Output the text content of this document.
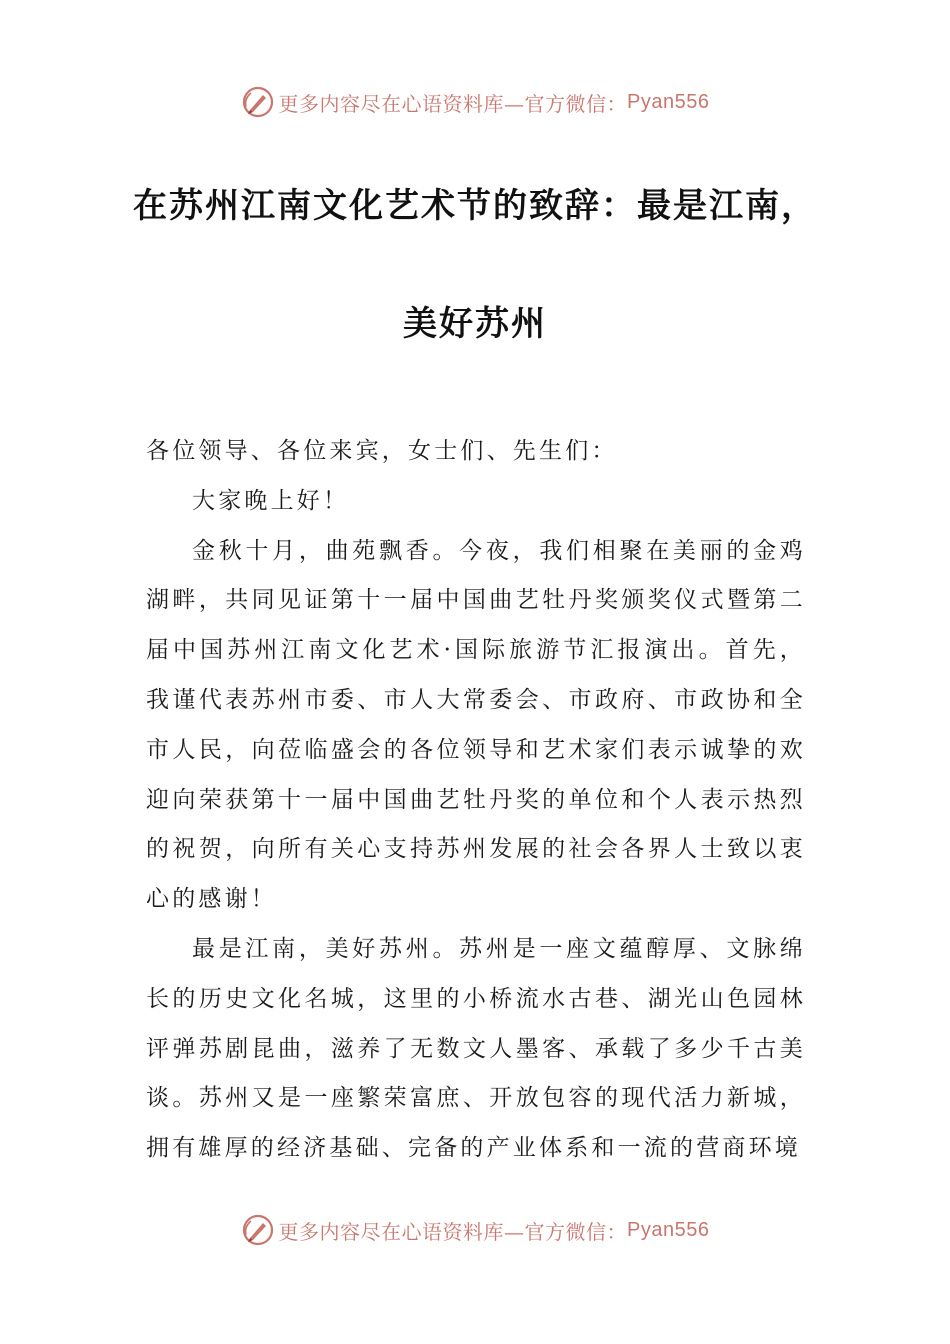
更多内容尽在心语资料库—官方微信： Pyan556
在苏州江南文化艺术节的致辞：最是江南，
美好苏州

各位领导、各位来宾，女士们、先生们：

大家晚上好！

金秋十月，曲苑飘香。今夜，我们相聚在美丽的金鸡湖畔，共同见证第十一届中国曲艺牡丹奖颁奖仪式暨第二届中国苏州江南文化艺术·国际旅游节汇报演出。首先，我谨代表苏州市委、市人大常委会、市政府、市政协和全市人民，向莅临盛会的各位领导和艺术家们表示诚挚的欢迎向荣获第十一届中国曲艺牡丹奖的单位和个人表示热烈的祝贺，向所有关心支持苏州发展的社会各界人士致以衷心的感谢！

最是江南，美好苏州。苏州是一座文蕴醇厚、文脉绵长的历史文化名城，这里的小桥流水古巷、湖光山色园林评弹苏剧昆曲，滋养了无数文人墨客、承载了多少千古美谈。苏州又是一座繁荣富庶、开放包容的现代活力新城，拥有雄厚的经济基础、完备的产业体系和一流的营商环境

更多内容尽在心语资料库—官方微信： Pyan556
